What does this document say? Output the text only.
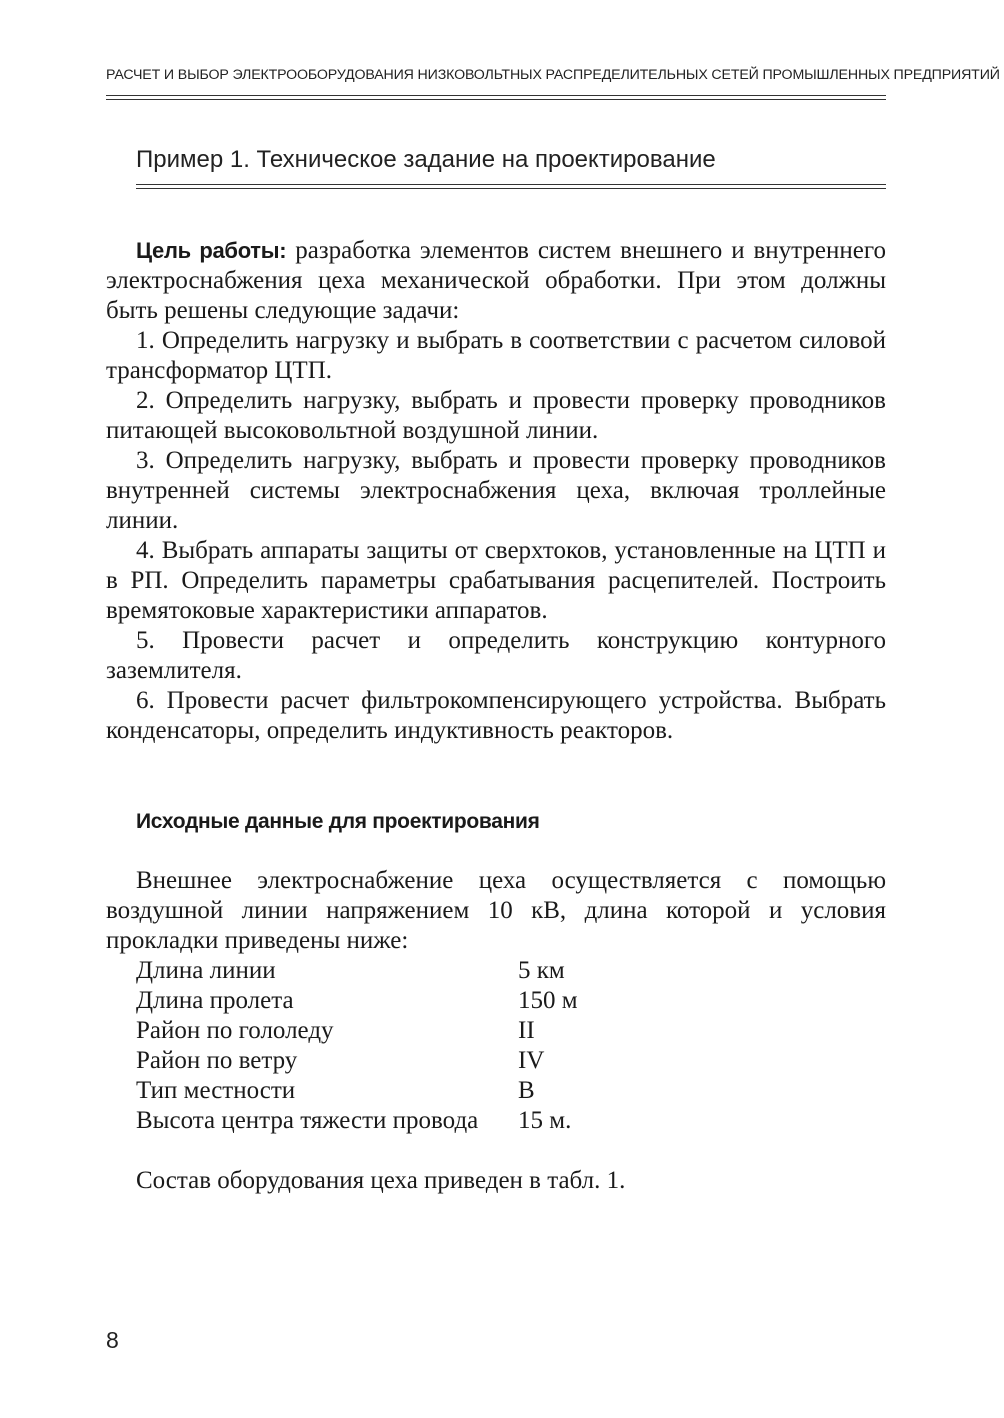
РАСЧЕТ И ВЫБОР ЭЛЕКТРООБОРУДОВАНИЯ НИЗКОВОЛЬТНЫХ РАСПРЕДЕЛИТЕЛЬНЫХ СЕТЕЙ ПРОМЫШЛЕННЫХ ПРЕДПРИЯТИЙ
Пример 1. Техническое задание на проектирование

Цель работы: разработка элементов систем внешнего и внутреннего электроснабжения цеха механической обработки. При этом должны быть решены следующие задачи:

1. Определить нагрузку и выбрать в соответствии с расчетом силовой трансформатор ЦТП.

2. Определить нагрузку, выбрать и провести проверку проводников питающей высоковольтной воздушной линии.

3. Определить нагрузку, выбрать и провести проверку проводников внутренней системы электроснабжения цеха, включая троллейные линии.

4. Выбрать аппараты защиты от сверхтоков, установленные на ЦТП и в РП. Определить параметры срабатывания расцепителей. Построить времятоковые характеристики аппаратов.

5. Провести расчет и определить конструкцию контурного заземлителя.

6. Провести расчет фильтрокомпенсирующего устройства. Выбрать конденсаторы, определить индуктивность реакторов.

Исходные данные для проектирования

Внешнее электроснабжение цеха осуществляется с помощью воздушной линии напряжением 10 кВ, длина которой и условия прокладки приведены ниже:

Длина линии	5 км
Длина пролета	150 м
Район по гололеду	II
Район по ветру	IV
Тип местности	В
Высота центра тяжести провода	15 м.
Состав оборудования цеха приведен в табл. 1.
8
